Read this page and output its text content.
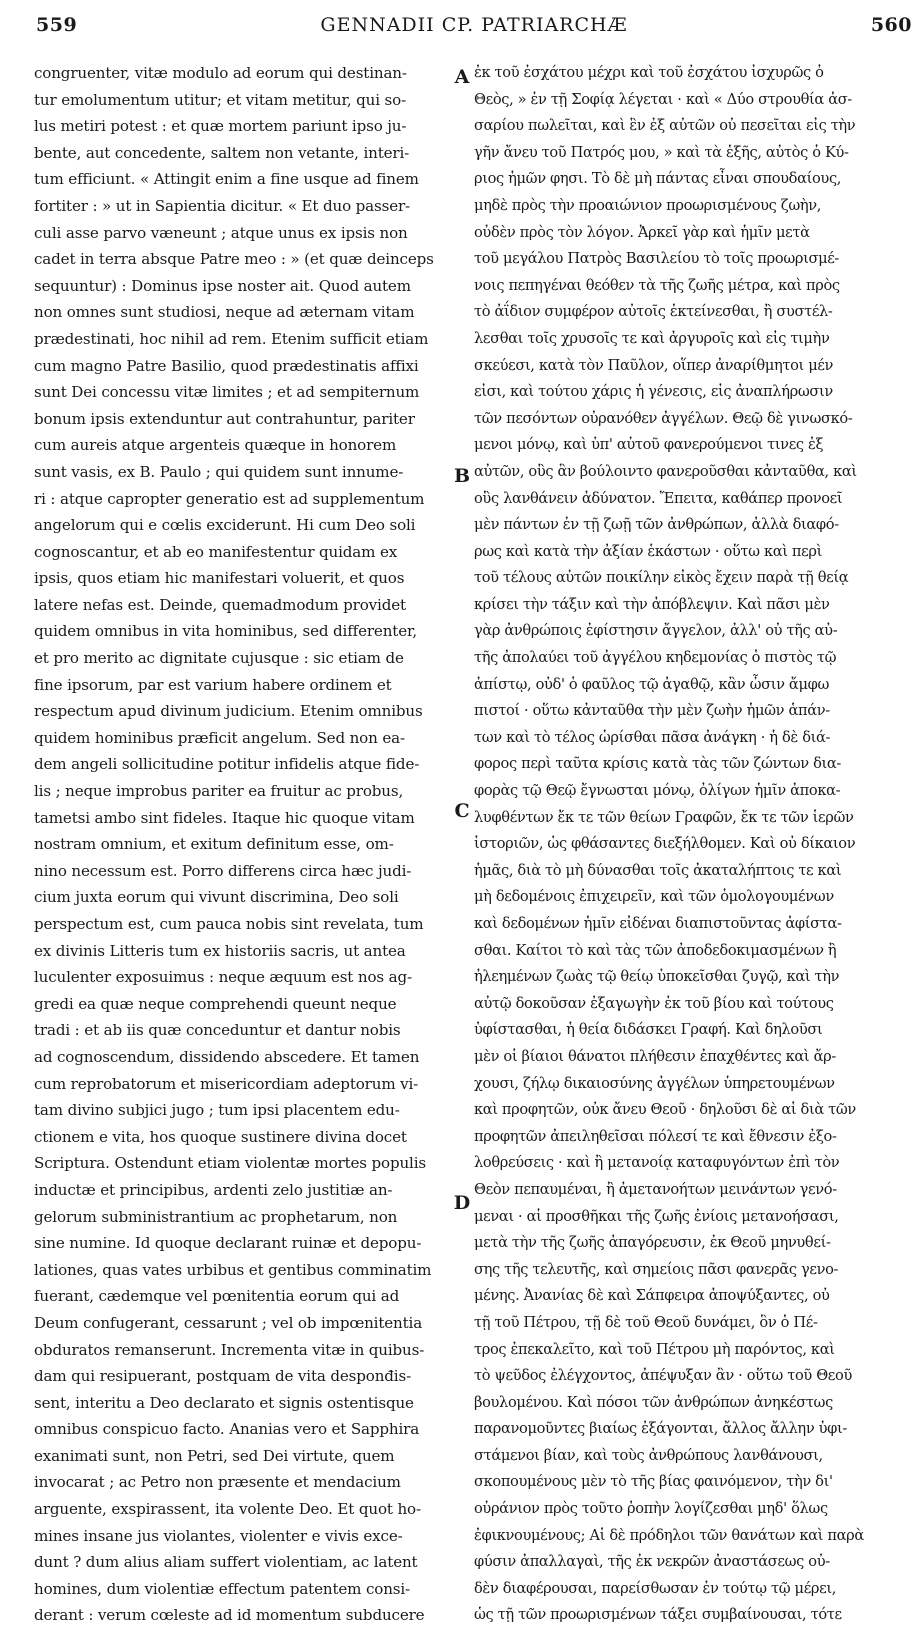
559	GENNADII CP. PATRIARCHÆ	560
congruenter, vitæ modulo ad eorum qui destinan-
tur emolumentum utitur; et vitam metitur, qui so-
lus metiri potest : et quæ mortem pariunt ipso ju-
bente, aut concedente, saltem non vetante, interi-
tum efficiunt. « Attingit enim a fine usque ad finem
fortiter : » ut in Sapientia dicitur. « Et duo passer-
culi asse parvo væneunt ; atque unus ex ipsis non
cadet in terra absque Patre meo : » (et quæ deinceps
sequuntur) : Dominus ipse noster ait. Quod autem
non omnes sunt studiosi, neque ad æternam vitam
prædestinati, hoc nihil ad rem. Etenim sufficit etiam
cum magno Patre Basilio, quod prædestinatis affixi
sunt Dei concessu vitæ limites ; et ad sempiternum
bonum ipsis extenduntur aut contrahuntur, pariter
cum aureis atque argenteis quæque in honorem
sunt vasis, ex B. Paulo ; qui quidem sunt innume-
ri : atque capropter generatio est ad supplementum
angelorum qui e cœlis exciderunt. Hi cum Deo soli
cognoscantur, et ab eo manifestentur quidam ex
ipsis, quos etiam hic manifestari voluerit, et quos
latere nefas est. Deinde, quemadmodum providet
quidem omnibus in vita hominibus, sed differenter,
et pro merito ac dignitate cujusque : sic etiam de
fine ipsorum, par est varium habere ordinem et
respectum apud divinum judicium. Etenim omnibus
quidem hominibus præficit angelum. Sed non ea-
dem angeli sollicitudine potitur infidelis atque fide-
lis ; neque improbus pariter ea fruitur ac probus,
tametsi ambo sint fideles. Itaque hic quoque vitam
nostram omnium, et exitum definitum esse, om-
nino necessum est. Porro differens circa hæc judi-
cium juxta eorum qui vivunt discrimina, Deo soli
perspectum est, cum pauca nobis sint revelata, tum
ex divinis Litteris tum ex historiis sacris, ut antea
luculenter exposuimus : neque æquum est nos ag-
gredi ea quæ neque comprehendi queunt neque
tradi : et ab iis quæ conceduntur et dantur nobis
ad cognoscendum, dissidendo abscedere. Et tamen
cum reprobatorum et misericordiam adeptorum vi-
tam divino subjici jugo ; tum ipsi placentem edu-
ctionem e vita, hos quoque sustinere divina docet
Scriptura. Ostendunt etiam violentæ mortes populis
inductæ et principibus, ardenti zelo justitiæ an-
gelorum subministrantium ac prophetarum, non
sine numine. Id quoque declarant ruinæ et depopu-
lationes, quas vates urbibus et gentibus comminatim
fuerant, cædemque vel pœnitentia eorum qui ad
Deum confugerant, cessarunt ; vel ob impœnitentia
obduratos remanserunt. Incrementa vitæ in quibus-
dam qui resipuerant, postquam de vita desponđis-
sent, interitu a Deo declarato et signis ostentisque
omnibus conspicuo facto. Ananias vero et Sapphira
exanimati sunt, non Petri, sed Dei virtute, quem
invocarat ; ac Petro non præsente et mendacium
arguente, exspirassent, ita volente Deo. Et quot ho-
mines insane jus violantes, violenter e vivis exce-
dunt ? dum alius aliam suffert violentiam, ac latent
homines, dum violentiæ effectum patentem consi-
derant : verum cœleste ad id momentum subducere
A
B
C
D
ἐκ τοῦ ἐσχάτου μέχρι καὶ τοῦ ἐσχάτου ἰσχυρῶς ὁ
Θεὸς, » ἐν τῇ Σοφίᾳ λέγεται · καὶ « Δύο στρουθία ἀσ-
σαρίου πωλεῖται, καὶ ἓν ἐξ αὐτῶν οὐ πεσεῖται εἰς τὴν
γῆν ἄνευ τοῦ Πατρός μου, » καὶ τὰ ἑξῆς, αὐτὸς ὁ Κύ-
ριος ἡμῶν φησι. Τὸ δὲ μὴ πάντας εἶναι σπουδαίους,
μηδὲ πρὸς τὴν προαιώνιον προωρισμένους ζωὴν,
οὐδὲν πρὸς τὸν λόγον. Ἀρκεῖ γὰρ καὶ ἡμῖν μετὰ
τοῦ μεγάλου Πατρὸς Βασιλείου τὸ τοῖς προωρισμέ-
νοις πεπηγέναι θεόθεν τὰ τῆς ζωῆς μέτρα, καὶ πρὸς
τὸ ἀΐδιον συμφέρον αὐτοῖς ἐκτείνεσθαι, ἢ συστέλ-
λεσθαι τοῖς χρυσοῖς τε καὶ ἀργυροῖς καὶ εἰς τιμὴν
σκεύεσι, κατὰ τὸν Παῦλον, οἵπερ ἀναρίθμητοι μέν
εἰσι, καὶ τούτου χάρις ἡ γένεσις, εἰς ἀναπλήρωσιν
τῶν πεσόντων οὐρανόθεν ἀγγέλων. Θεῷ δὲ γινωσκό-
μενοι μόνῳ, καὶ ὑπ' αὐτοῦ φανερούμενοι τινες ἐξ
αὐτῶν, οὓς ἂν βούλοιντο φανεροῦσθαι κἀνταῦθα, καὶ
οὓς λανθάνειν ἀδύνατον. Ἔπειτα, καθάπερ προνοεῖ
μὲν πάντων ἐν τῇ ζωῇ τῶν ἀνθρώπων, ἀλλὰ διαφό-
ρως καὶ κατὰ τὴν ἀξίαν ἑκάστων · οὕτω καὶ περὶ
τοῦ τέλους αὐτῶν ποικίλην εἰκὸς ἔχειν παρὰ τῇ θείᾳ
κρίσει τὴν τάξιν καὶ τὴν ἀπόβλεψιν. Καὶ πᾶσι μὲν
γὰρ ἀνθρώποις ἐφίστησιν ἄγγελον, ἀλλ' οὐ τῆς αὐ-
τῆς ἀπολαύει τοῦ ἀγγέλου κηδεμονίας ὁ πιστὸς τῷ
ἀπίστῳ, οὐδ' ὁ φαῦλος τῷ ἀγαθῷ, κἂν ὦσιν ἄμφω
πιστοί · οὕτω κἀνταῦθα τὴν μὲν ζωὴν ἡμῶν ἁπάν-
των καὶ τὸ τέλος ὡρίσθαι πᾶσα ἀνάγκη · ἡ δὲ διά-
φορος περὶ ταῦτα κρίσις κατὰ τὰς τῶν ζώντων δια-
φορὰς τῷ Θεῷ ἔγνωσται μόνῳ, ὀλίγων ἡμῖν ἀποκα-
λυφθέντων ἔκ τε τῶν θείων Γραφῶν, ἔκ τε τῶν ἱερῶν
ἱστοριῶν, ὡς φθάσαντες διεξήλθομεν. Καὶ οὐ δίκαιον
ἡμᾶς, διὰ τὸ μὴ δύνασθαι τοῖς ἀκαταλήπτοις τε καὶ
μὴ δεδομένοις ἐπιχειρεῖν, καὶ τῶν ὁμολογουμένων
καὶ δεδομένων ἡμῖν εἰδέναι διαπιστοῦντας ἀφίστα-
σθαι. Καίτοι τὸ καὶ τὰς τῶν ἀποδεδοκιμασμένων ἢ
ἠλεημένων ζωὰς τῷ θείῳ ὑποκεῖσθαι ζυγῷ, καὶ τὴν
αὐτῷ δοκοῦσαν ἐξαγωγὴν ἐκ τοῦ βίου καὶ τούτους
ὑφίστασθαι, ἡ θεία διδάσκει Γραφή. Καὶ δηλοῦσι
μὲν οἱ βίαιοι θάνατοι πλήθεσιν ἐπαχθέντες καὶ ἄρ-
χουσι, ζήλῳ δικαιοσύνης ἀγγέλων ὑπηρετουμένων
καὶ προφητῶν, οὐκ ἄνευ Θεοῦ · δηλοῦσι δὲ αἱ διὰ τῶν
προφητῶν ἀπειληθεῖσαι πόλεσί τε καὶ ἔθνεσιν ἐξο-
λοθρεύσεις · καὶ ἢ μετανοίᾳ καταφυγόντων ἐπὶ τὸν
Θεὸν πεπαυμέναι, ἢ ἀμετανοήτων μεινάντων γενό-
μεναι · αἱ προσθῆκαι τῆς ζωῆς ἐνίοις μετανοήσασι,
μετὰ τὴν τῆς ζωῆς ἀπαγόρευσιν, ἐκ Θεοῦ μηνυθεί-
σης τῆς τελευτῆς, καὶ σημείοις πᾶσι φανερᾶς γενο-
μένης. Ἀνανίας δὲ καὶ Σάπφειρα ἀποψύξαντες, οὐ
τῇ τοῦ Πέτρου, τῇ δὲ τοῦ Θεοῦ δυνάμει, ὃν ὁ Πέ-
τρος ἐπεκαλεῖτο, καὶ τοῦ Πέτρου μὴ παρόντος, καὶ
τὸ ψεῦδος ἐλέγχοντος, ἀπέψυξαν ἂν · οὕτω τοῦ Θεοῦ
βουλομένου. Καὶ πόσοι τῶν ἀνθρώπων ἀνηκέστως
παρανομοῦντες βιαίως ἐξάγονται, ἄλλος ἄλλην ὑφι-
στάμενοι βίαν, καὶ τοὺς ἀνθρώπους λανθάνουσι,
σκοπουμένους μὲν τὸ τῆς βίας φαινόμενον, τὴν δι'
οὐράνιον πρὸς τοῦτο ῥοπὴν λογίζεσθαι μηδ' ὅλως
ἐφικνουμένους; Αἱ δὲ πρόδηλοι τῶν θανάτων καὶ παρὰ
φύσιν ἀπαλλαγαὶ, τῆς ἐκ νεκρῶν ἀναστάσεως οὐ-
δὲν διαφέρουσαι, παρείσθωσαν ἐν τούτῳ τῷ μέρει,
ὡς τῇ τῶν προωρισμένων τάξει συμβαίνουσαι, τότε
